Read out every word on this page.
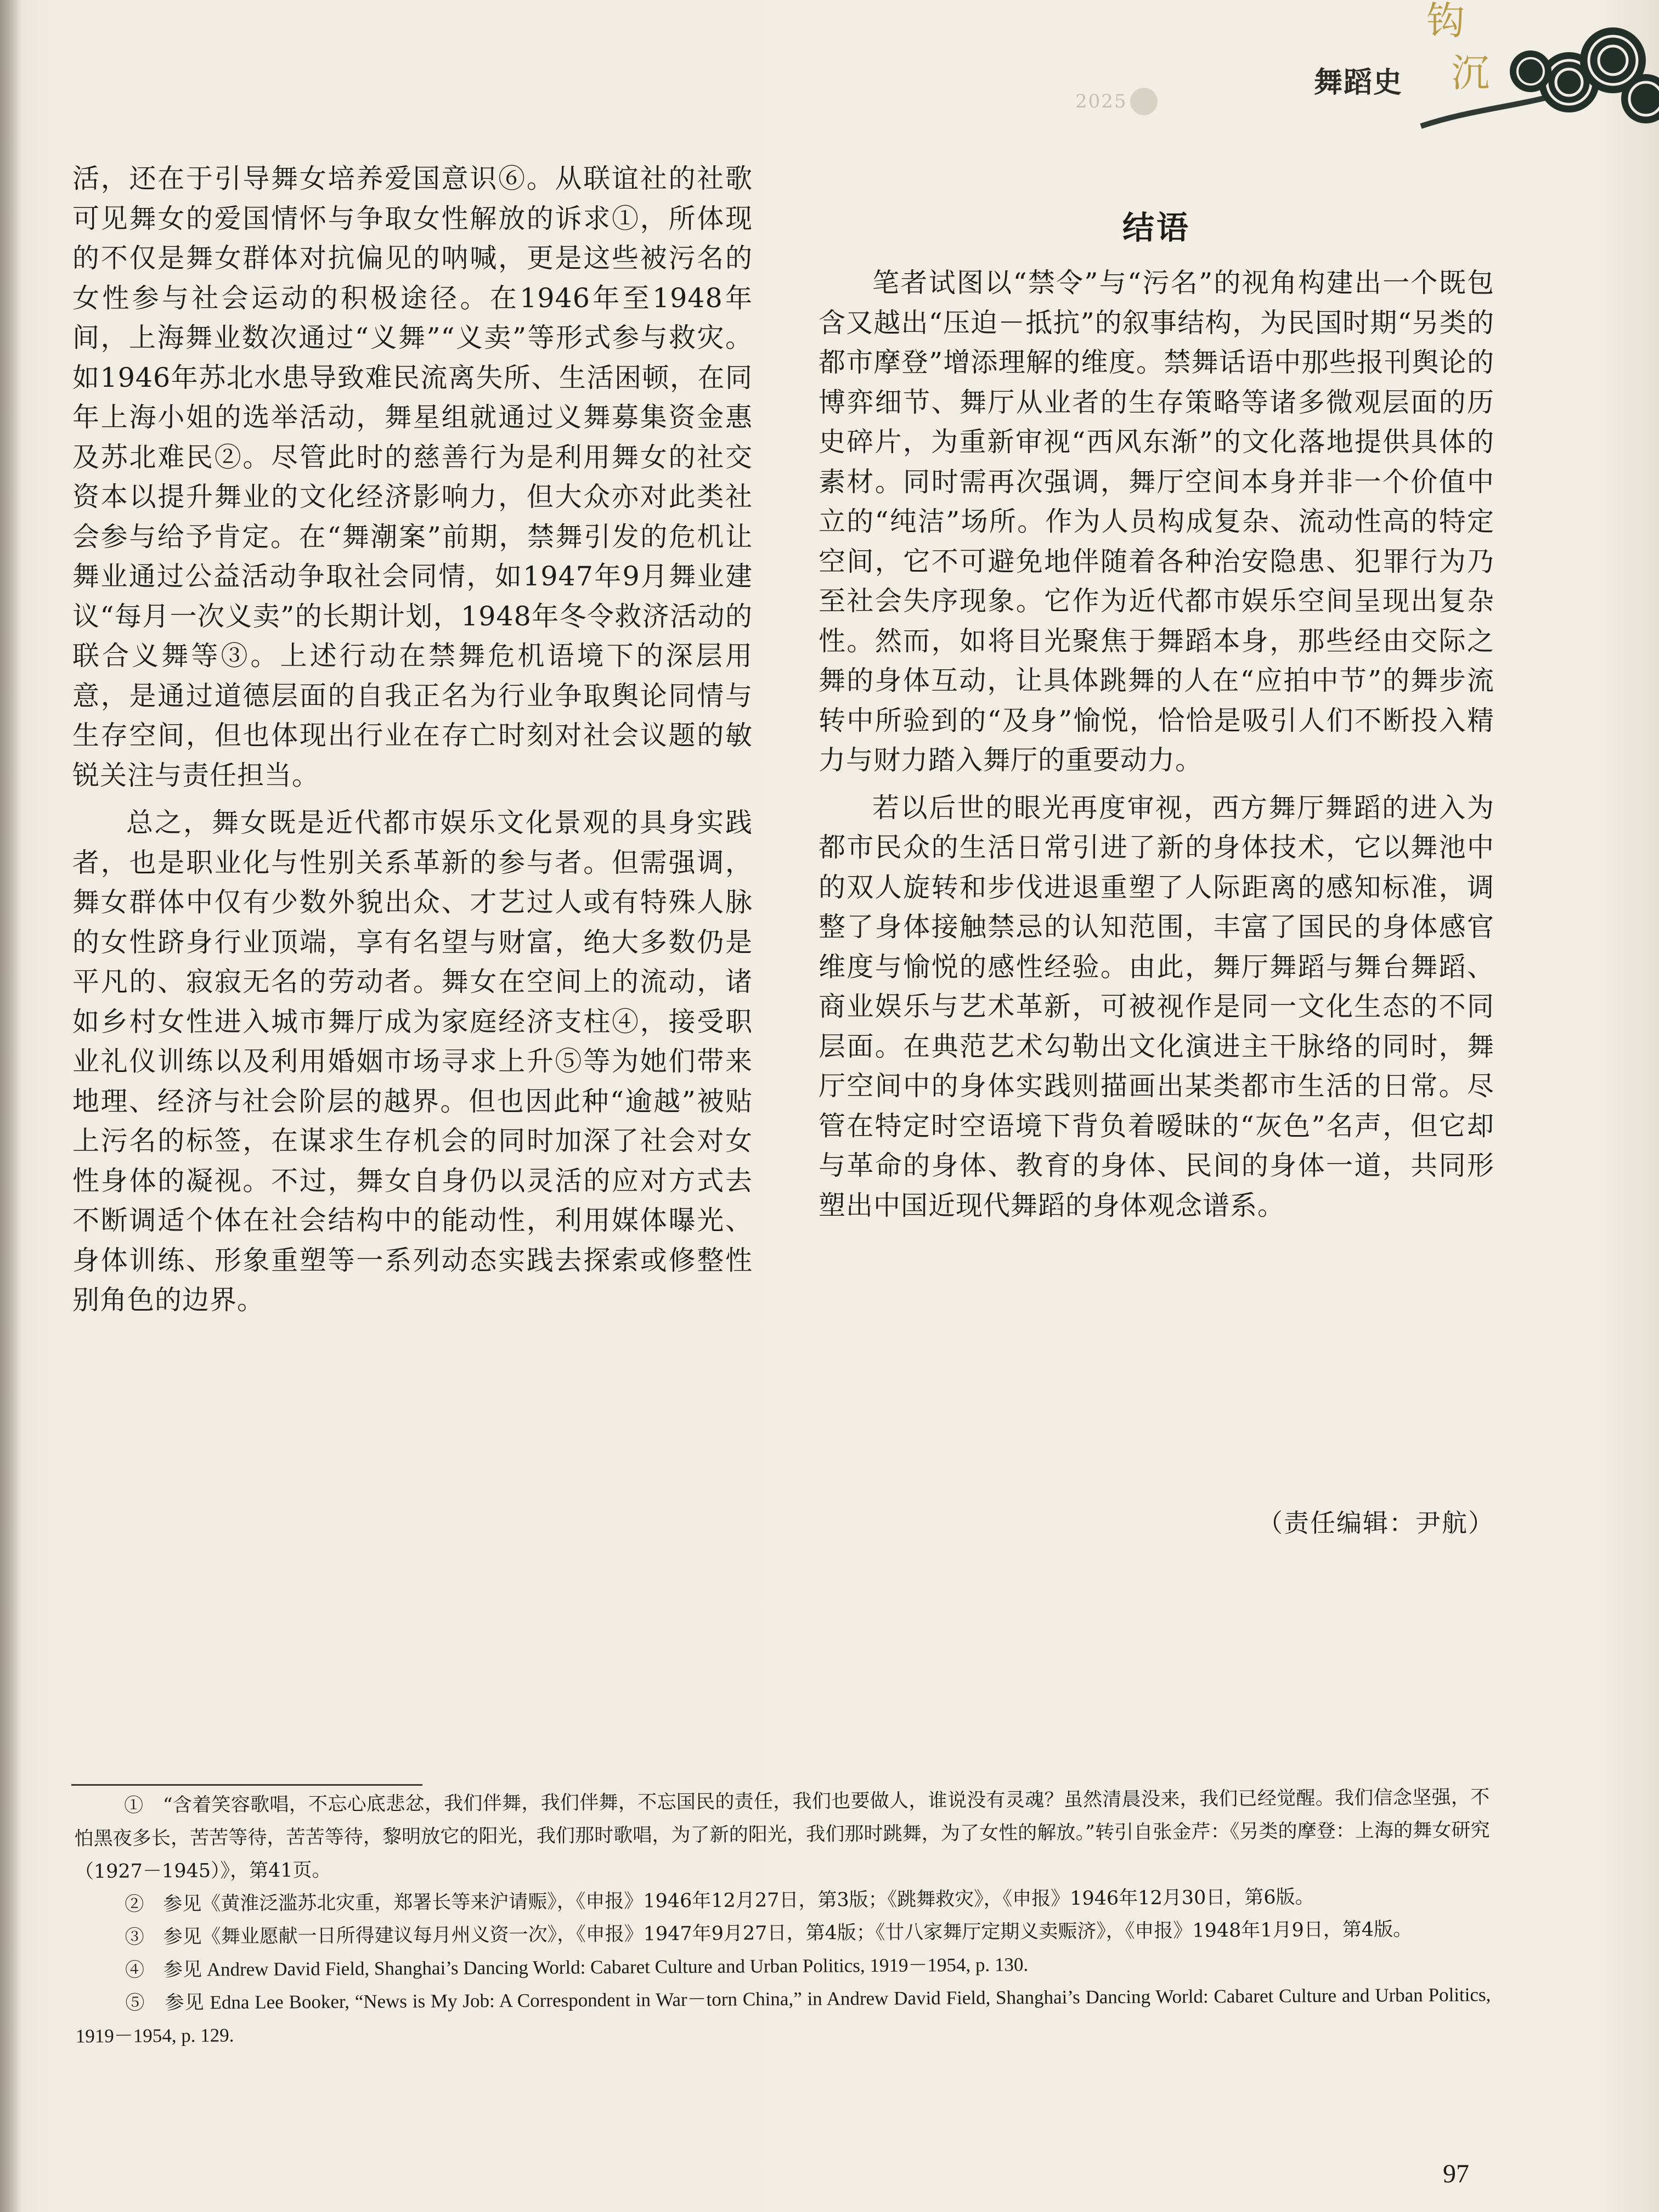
2025
钩
沉
舞蹈史

活，还在于引导舞女培养爱国意识⑥。从联谊社的社歌可见舞女的爱国情怀与争取女性解放的诉求①，所体现的不仅是舞女群体对抗偏见的呐喊，更是这些被污名的女性参与社会运动的积极途径。在1946年至1948年间，上海舞业数次通过“义舞”“义卖”等形式参与救灾。如1946年苏北水患导致难民流离失所、生活困顿，在同年上海小姐的选举活动，舞星组就通过义舞募集资金惠及苏北难民②。尽管此时的慈善行为是利用舞女的社交资本以提升舞业的文化经济影响力，但大众亦对此类社会参与给予肯定。在“舞潮案”前期，禁舞引发的危机让舞业通过公益活动争取社会同情，如1947年9月舞业建议“每月一次义卖”的长期计划，1948年冬令救济活动的联合义舞等③。上述行动在禁舞危机语境下的深层用意，是通过道德层面的自我正名为行业争取舆论同情与生存空间，但也体现出行业在存亡时刻对社会议题的敏锐关注与责任担当。

总之，舞女既是近代都市娱乐文化景观的具身实践者，也是职业化与性别关系革新的参与者。但需强调，舞女群体中仅有少数外貌出众、才艺过人或有特殊人脉的女性跻身行业顶端，享有名望与财富，绝大多数仍是平凡的、寂寂无名的劳动者。舞女在空间上的流动，诸如乡村女性进入城市舞厅成为家庭经济支柱④，接受职业礼仪训练以及利用婚姻市场寻求上升⑤等为她们带来地理、经济与社会阶层的越界。但也因此种“逾越”被贴上污名的标签，在谋求生存机会的同时加深了社会对女性身体的凝视。不过，舞女自身仍以灵活的应对方式去不断调适个体在社会结构中的能动性，利用媒体曝光、身体训练、形象重塑等一系列动态实践去探索或修整性别角色的边界。

结语

笔者试图以“禁令”与“污名”的视角构建出一个既包含又越出“压迫－抵抗”的叙事结构，为民国时期“另类的都市摩登”增添理解的维度。禁舞话语中那些报刊舆论的博弈细节、舞厅从业者的生存策略等诸多微观层面的历史碎片，为重新审视“西风东渐”的文化落地提供具体的素材。同时需再次强调，舞厅空间本身并非一个价值中立的“纯洁”场所。作为人员构成复杂、流动性高的特定空间，它不可避免地伴随着各种治安隐患、犯罪行为乃至社会失序现象。它作为近代都市娱乐空间呈现出复杂性。然而，如将目光聚焦于舞蹈本身，那些经由交际之舞的身体互动，让具体跳舞的人在“应拍中节”的舞步流转中所验到的“及身”愉悦，恰恰是吸引人们不断投入精力与财力踏入舞厅的重要动力。

若以后世的眼光再度审视，西方舞厅舞蹈的进入为都市民众的生活日常引进了新的身体技术，它以舞池中的双人旋转和步伐进退重塑了人际距离的感知标准，调整了身体接触禁忌的认知范围，丰富了国民的身体感官维度与愉悦的感性经验。由此，舞厅舞蹈与舞台舞蹈、商业娱乐与艺术革新，可被视作是同一文化生态的不同层面。在典范艺术勾勒出文化演进主干脉络的同时，舞厅空间中的身体实践则描画出某类都市生活的日常。尽管在特定时空语境下背负着暧昧的“灰色”名声，但它却与革命的身体、教育的身体、民间的身体一道，共同形塑出中国近现代舞蹈的身体观念谱系。

（责任编辑：尹航）

①　“含着笑容歌唱，不忘心底悲忿，我们伴舞，我们伴舞，不忘国民的责任，我们也要做人，谁说没有灵魂？虽然清晨没来，我们已经觉醒。我们信念坚强，不怕黑夜多长，苦苦等待，苦苦等待，黎明放它的阳光，我们那时歌唱，为了新的阳光，我们那时跳舞，为了女性的解放。”转引自张金芹：《另类的摩登：上海的舞女研究（1927－1945）》，第41页。

②　参见《黄淮泛滥苏北灾重，郑署长等来沪请赈》，《申报》1946年12月27日，第3版；《跳舞救灾》，《申报》1946年12月30日，第6版。

③　参见《舞业愿献一日所得建议每月州义资一次》，《申报》1947年9月27日，第4版；《廿八家舞厅定期义卖赈济》，《申报》1948年1月9日，第4版。

④　参见 Andrew David Field, Shanghai’s Dancing World: Cabaret Culture and Urban Politics, 1919－1954, p. 130.

⑤　参见 Edna Lee Booker, “News is My Job: A Correspondent in War－torn China,” in Andrew David Field, Shanghai’s Dancing World: Cabaret Culture and Urban Politics, 1919－1954, p. 129.

97
